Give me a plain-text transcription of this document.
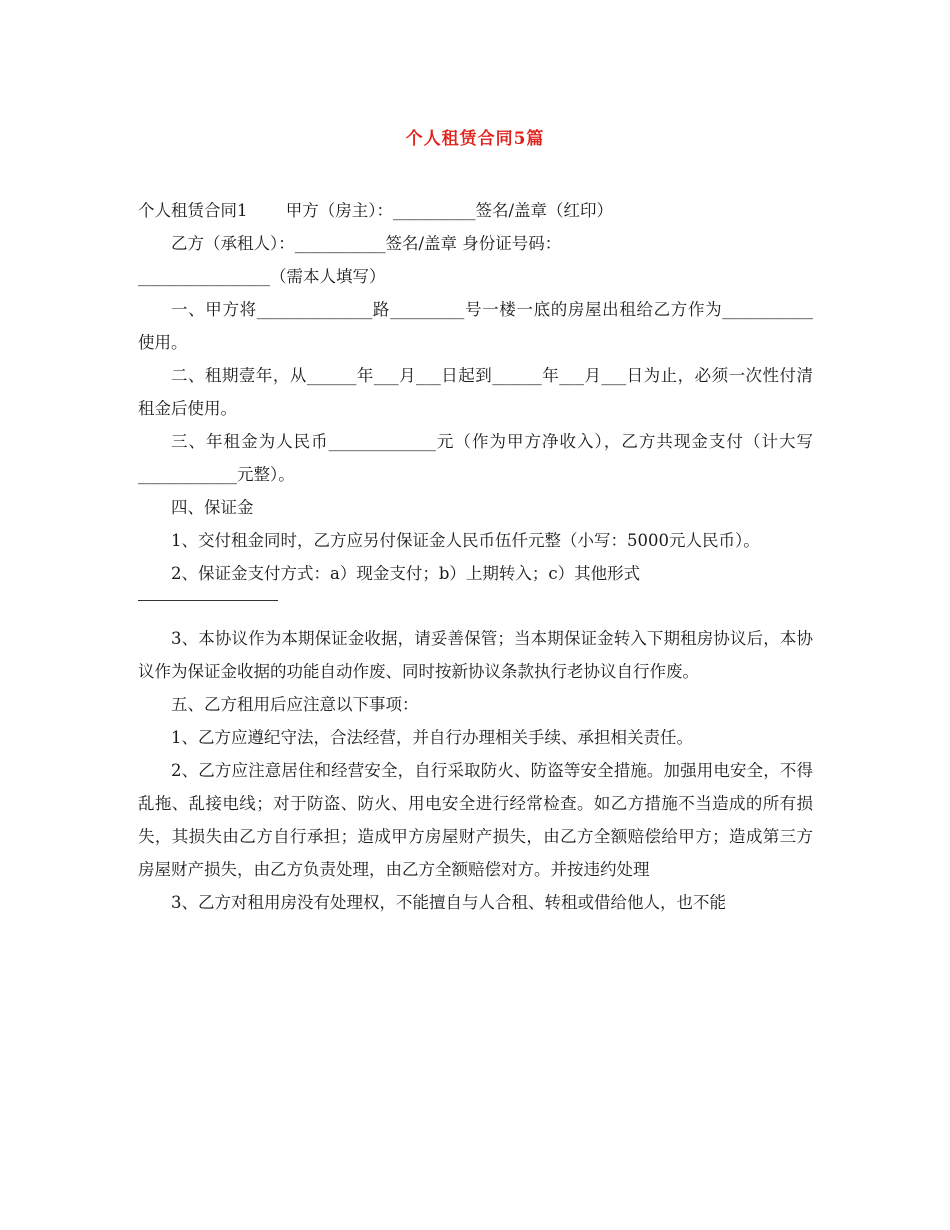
个人租赁合同5篇

个人租赁合同1　　 甲方（房主）：__________签名/盖章（红印）

乙方（承租人）：___________签名/盖章 身份证号码：

________________（需本人填写）

一、甲方将______________路_________号一楼一底的房屋出租给乙方作为___________使用。

二、租期壹年，从______年___月___日起到______年___月___日为止，必须一次性付清租金后使用。

三、年租金为人民币_____________元（作为甲方净收入），乙方共现金支付（计大写____________元整）。

四、保证金

1、交付租金同时，乙方应另付保证金人民币伍仟元整（小写：5000元人民币）。

2、保证金支付方式：a）现金支付；b）上期转入；c）其他形式

3、本协议作为本期保证金收据，请妥善保管；当本期保证金转入下期租房协议后，本协议作为保证金收据的功能自动作废、同时按新协议条款执行老协议自行作废。

五、乙方租用后应注意以下事项：

1、乙方应遵纪守法，合法经营，并自行办理相关手续、承担相关责任。

2、乙方应注意居住和经营安全，自行采取防火、防盗等安全措施。加强用电安全，不得乱拖、乱接电线；对于防盗、防火、用电安全进行经常检查。如乙方措施不当造成的所有损失，其损失由乙方自行承担；造成甲方房屋财产损失，由乙方全额赔偿给甲方；造成第三方房屋财产损失，由乙方负责处理，由乙方全额赔偿对方。并按违约处理

3、乙方对租用房没有处理权，不能擅自与人合租、转租或借给他人，也不能
